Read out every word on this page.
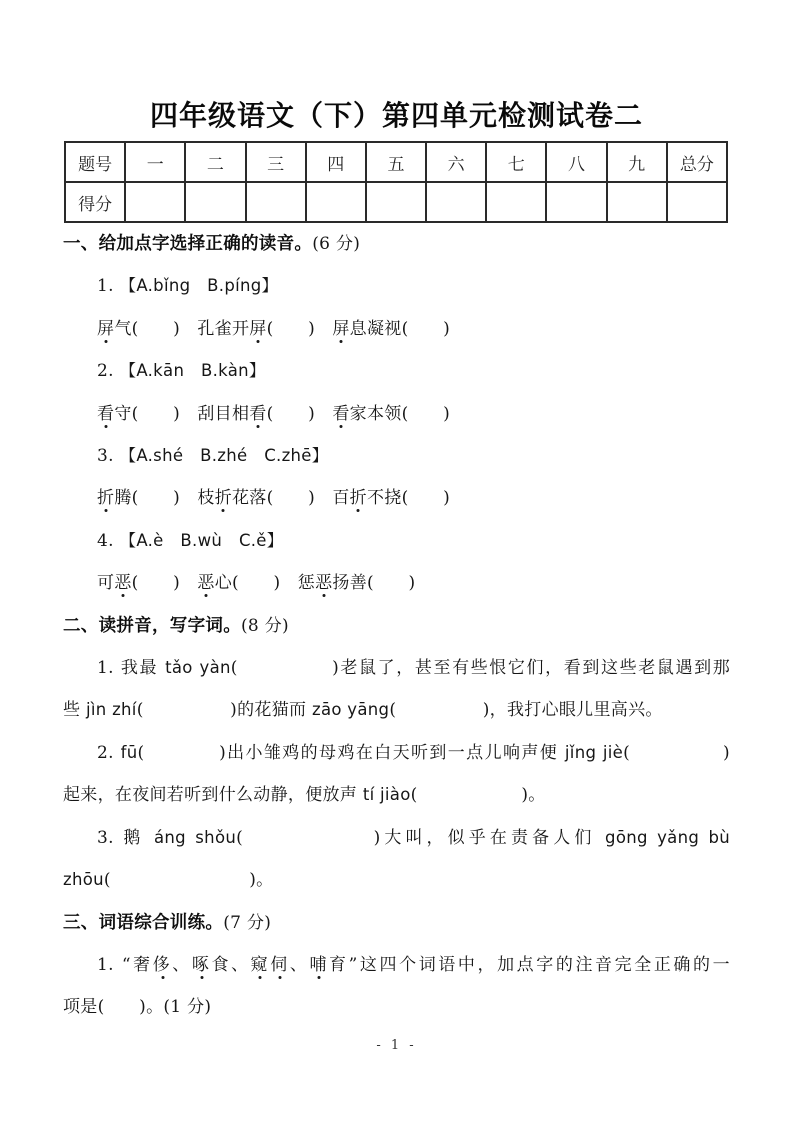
四年级语文（下）第四单元检测试卷二
题号	一	二	三	四	五	六	七	八	九	总分
得分										

一、给加点字选择正确的读音。(6 分)

1. 【A.bǐng　B.píng】

屏气(　　)　孔雀开屏(　　)　屏息凝视(　　)

2. 【A.kān　B.kàn】

看守(　　)　刮目相看(　　)　看家本领(　　)

3. 【A.shé　B.zhé　C.zhē】

折腾(　　)　枝折花落(　　)　百折不挠(　　)

4. 【A.è　B.wù　C.ě】

可恶(　　)　恶心(　　)　惩恶扬善(　　)

二、读拼音，写字词。(8 分)

1. 我最 tǎo yàn(　　　　　)老鼠了，甚至有些恨它们，看到这些老鼠遇到那

些 jìn zhí(　　　　　)的花猫而 zāo yāng(　　　　　)，我打心眼儿里高兴。

2. fū(　　　　)出小雏鸡的母鸡在白天听到一点儿响声便 jǐng jiè(　　　　　)

起来，在夜间若听到什么动静，便放声 tí jiào(　　　　　　)。

3. 鹅 áng shǒu(　　　　　　)大叫，似乎在责备人们 gōng yǎng bù

zhōu(　　　　　　　　)。

三、词语综合训练。(7 分)

1. “奢侈、啄食、窥伺、哺育”这四个词语中，加点字的注音完全正确的一

项是(　　)。(1 分)

- 1 -
